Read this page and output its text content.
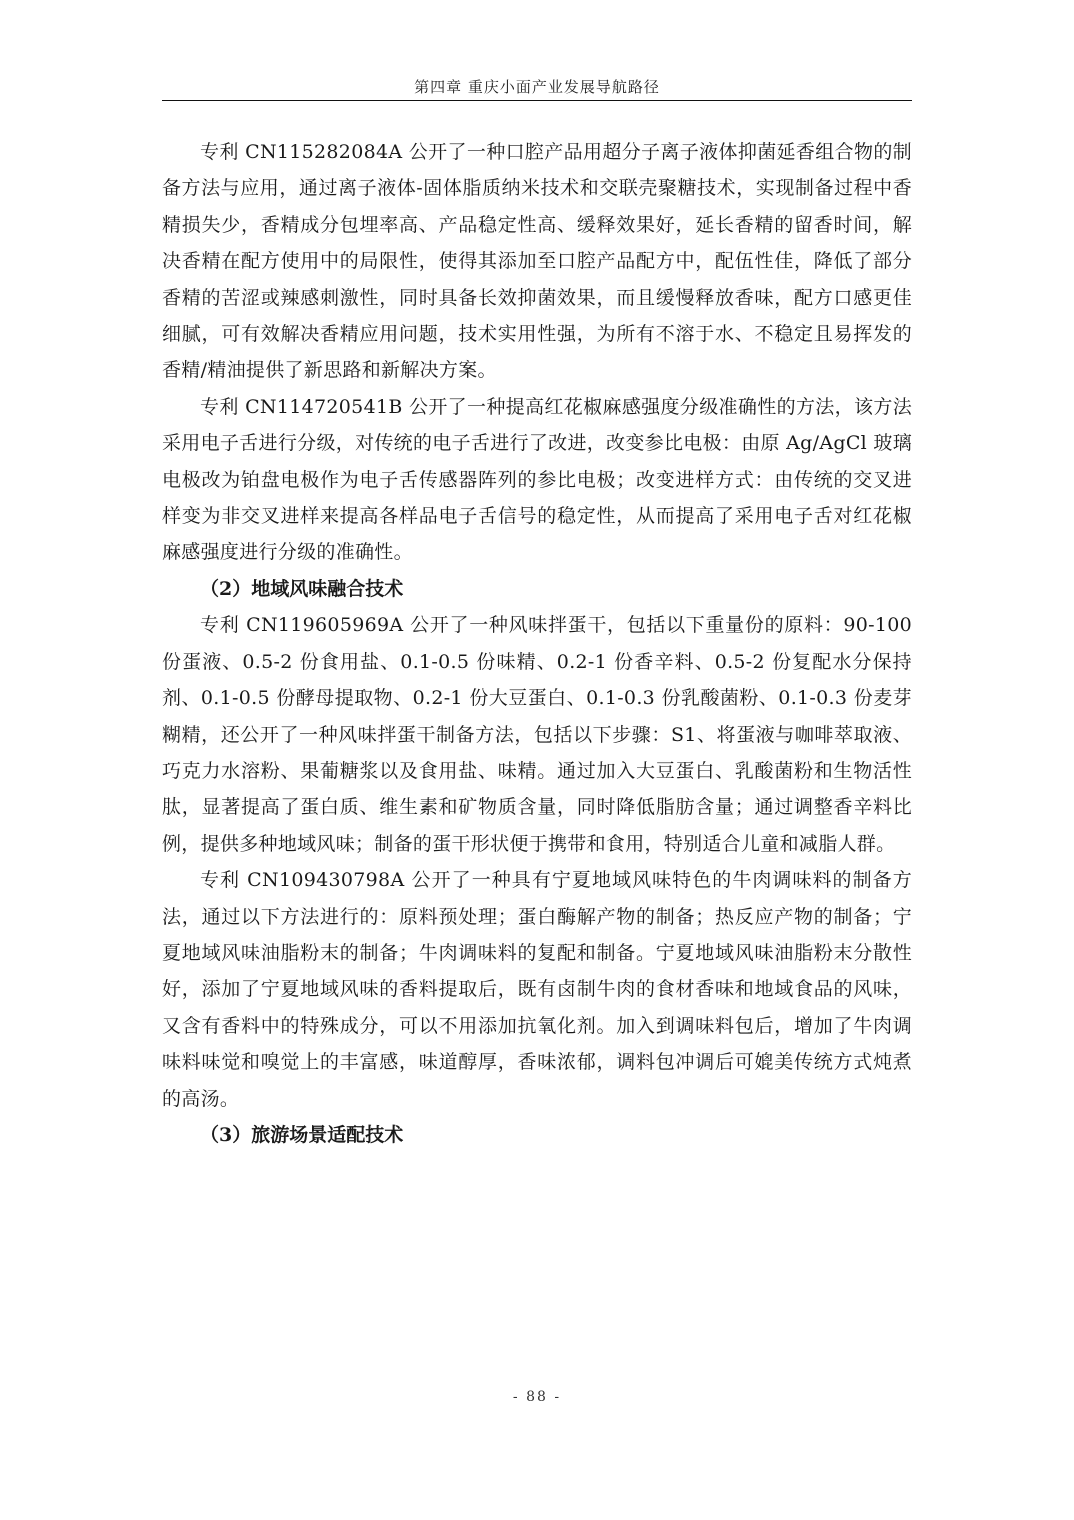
第四章 重庆小面产业发展导航路径

专利 CN115282084A 公开了一种口腔产品用超分子离子液体抑菌延香组合物的制备方法与应用，通过离子液体-固体脂质纳米技术和交联壳聚糖技术，实现制备过程中香精损失少，香精成分包埋率高、产品稳定性高、缓释效果好，延长香精的留香时间，解决香精在配方使用中的局限性，使得其添加至口腔产品配方中，配伍性佳，降低了部分香精的苦涩或辣感刺激性，同时具备长效抑菌效果，而且缓慢释放香味，配方口感更佳细腻，可有效解决香精应用问题，技术实用性强，为所有不溶于水、不稳定且易挥发的香精/精油提供了新思路和新解决方案。

专利 CN114720541B 公开了一种提高红花椒麻感强度分级准确性的方法，该方法采用电子舌进行分级，对传统的电子舌进行了改进，改变参比电极：由原 Ag/AgCl 玻璃电极改为铂盘电极作为电子舌传感器阵列的参比电极；改变进样方式：由传统的交叉进样变为非交叉进样来提高各样品电子舌信号的稳定性，从而提高了采用电子舌对红花椒麻感强度进行分级的准确性。

（2）地域风味融合技术

专利 CN119605969A 公开了一种风味拌蛋干，包括以下重量份的原料：90-100 份蛋液、0.5-2 份食用盐、0.1-0.5 份味精、0.2-1 份香辛料、0.5-2 份复配水分保持剂、0.1-0.5 份酵母提取物、0.2-1 份大豆蛋白、0.1-0.3 份乳酸菌粉、0.1-0.3 份麦芽糊精，还公开了一种风味拌蛋干制备方法，包括以下步骤：S1、将蛋液与咖啡萃取液、巧克力水溶粉、果葡糖浆以及食用盐、味精。通过加入大豆蛋白、乳酸菌粉和生物活性肽，显著提高了蛋白质、维生素和矿物质含量，同时降低脂肪含量；通过调整香辛料比例，提供多种地域风味；制备的蛋干形状便于携带和食用，特别适合儿童和减脂人群。

专利 CN109430798A 公开了一种具有宁夏地域风味特色的牛肉调味料的制备方法，通过以下方法进行的：原料预处理；蛋白酶解产物的制备；热反应产物的制备；宁夏地域风味油脂粉末的制备；牛肉调味料的复配和制备。宁夏地域风味油脂粉末分散性好，添加了宁夏地域风味的香料提取后，既有卤制牛肉的食材香味和地域食品的风味，又含有香料中的特殊成分，可以不用添加抗氧化剂。加入到调味料包后，增加了牛肉调味料味觉和嗅觉上的丰富感，味道醇厚，香味浓郁，调料包冲调后可媲美传统方式炖煮的高汤。

（3）旅游场景适配技术

- 88 -
